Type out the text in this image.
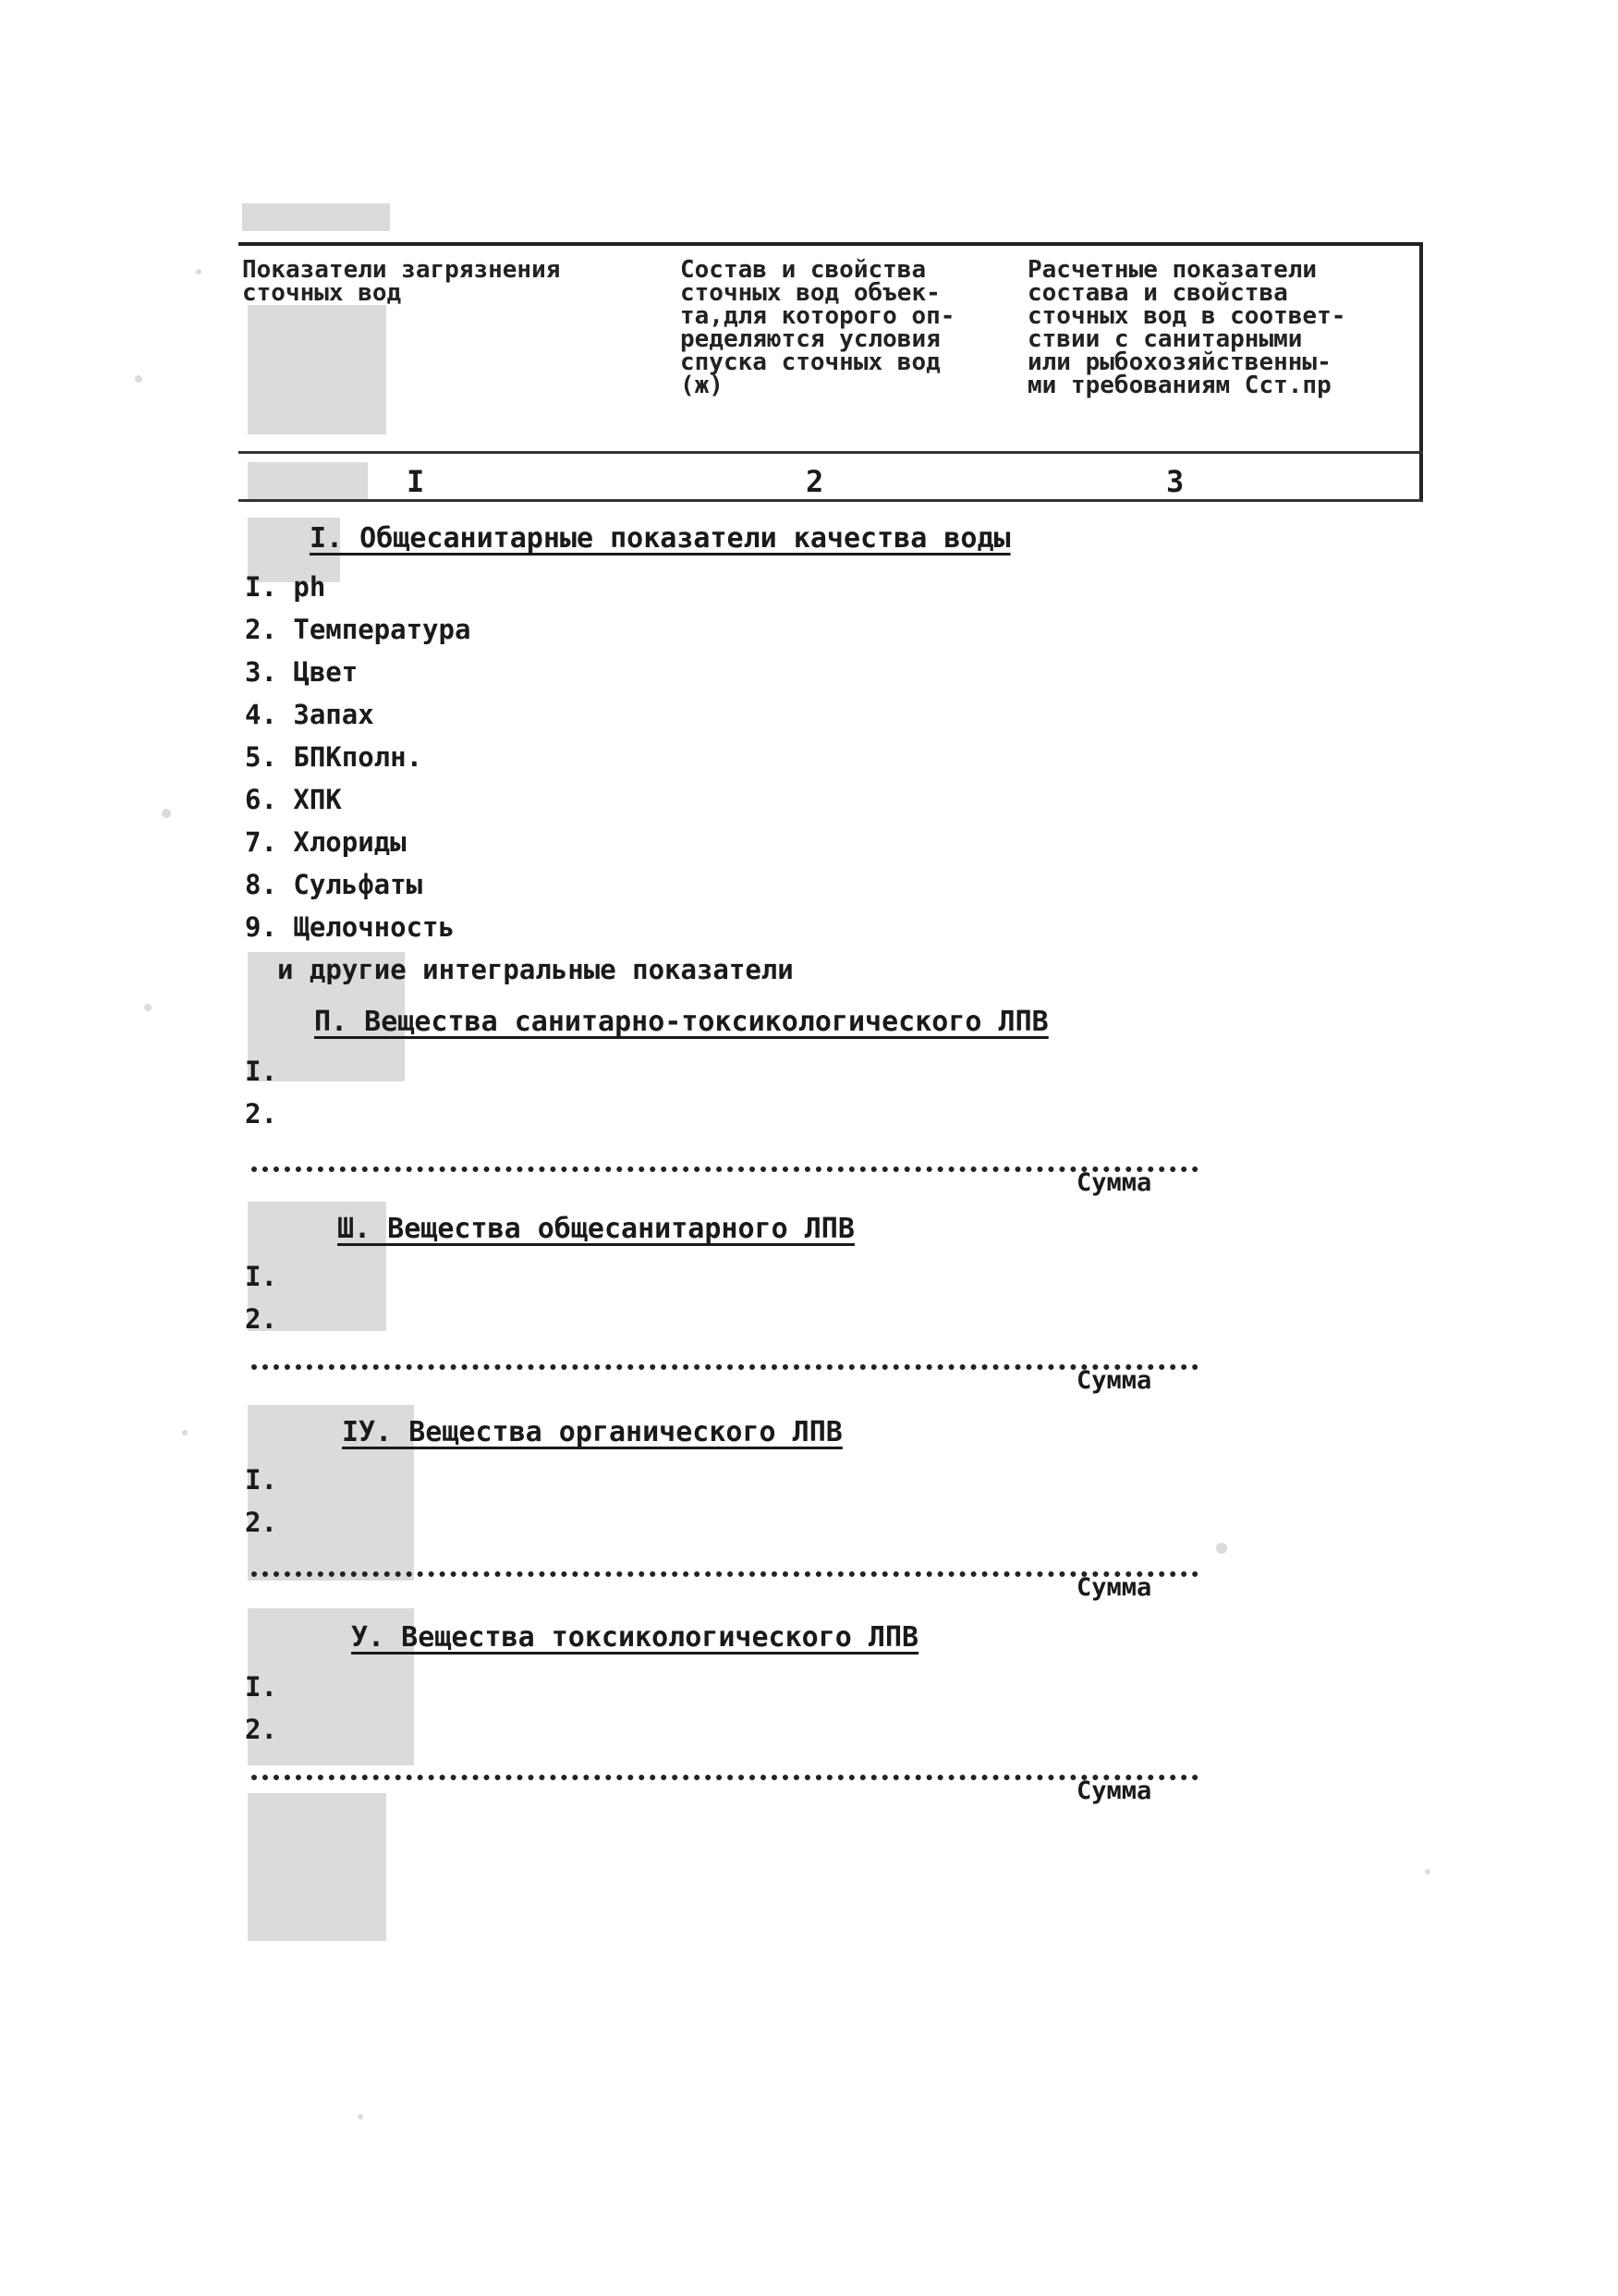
Показатели загрязнения
сточных вод
Состав и свойства
сточных вод объек-
та,для которого оп-
ределяются условия
спуска сточных вод
(ж)
Расчетные показатели
состава и свойства
сточных вод в соответ-
ствии с санитарными
или рыбохозяйственны-
ми требованиям Сст.пр
I	2	3
I. Общесанитарные показатели качества воды
I. ph
2. Температура
3. Цвет
4. Запах
5. БПКполн.
6. ХПК
7. Хлориды
8. Сульфаты
9. Щелочность
и другие интегральные показатели
П. Вещества санитарно-токсикологического ЛПВ
I.
2.
Сумма
Ш. Вещества общесанитарного ЛПВ
I.
2.
Сумма
IУ. Вещества органического ЛПВ
I.
2.
Сумма
У. Вещества токсикологического ЛПВ
I.
2.
Сумма
